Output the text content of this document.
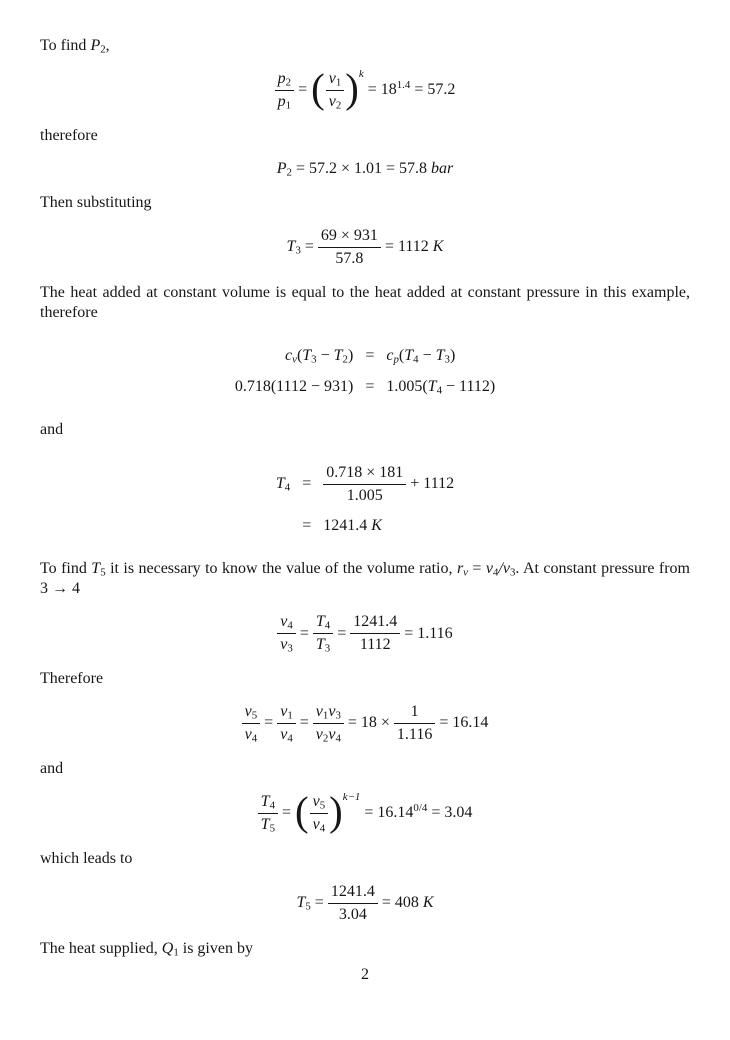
To find $P_2$,

$\frac{p_2}{p_1}$ = ( $\frac{v_1}{v_2}$ ) $^k = 18^{1.4} = 57.2$

therefore

$P_2 = 57.2 \times 1.01 = 57.8$ bar

Then substituting

$T_3 = \frac{69 \times 931}{57.8} = 1112$ K

The heat added at constant volume is equal to the heat added at constant pressure in this example, therefore

$c_v(T_3 - T_2) = c_p(T_4 - T_3)$
$0.718(1112 - 931) = 1.005(T_4 - 1112)$

and

$T_4 = \frac{0.718 \times 181}{1.005} + 1112$
= 1241.4 K

To find $T_5$ it is necessary to know the value of the volume ratio, $r_v = v_4/v_3$. At constant pressure from 3 → 4

$\frac{v_4}{v_3} = \frac{T_4}{T_3} = \frac{1241.4}{1112} = 1.116$

Therefore

$\frac{v_5}{v_4} = \frac{v_1}{v_4} = \frac{v_1v_3}{v_2v_4} = 18 \times \frac{1}{1.116} = 16.14$

and

$\frac{T_4}{T_5}$ = ( $\frac{v_5}{v_4}$ ) $^{k-1} = 16.14^{0/4} = 3.04$

which leads to

$T_5 = \frac{1241.4}{3.04} = 408$ K

The heat supplied, $Q_1$ is given by

2
